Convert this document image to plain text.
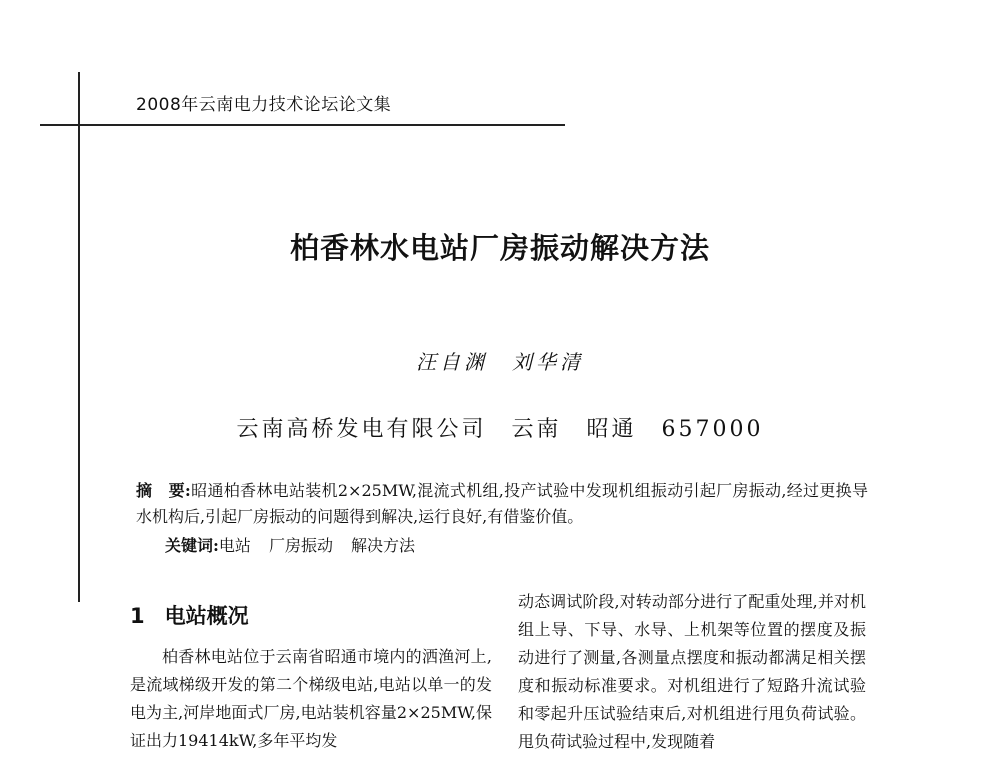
2008年云南电力技术论坛论文集
柏香林水电站厂房振动解决方法
汪自渊　刘华清
云南高桥发电有限公司　云南　昭通　657000
摘　要:昭通柏香林电站装机2×25MW,混流式机组,投产试验中发现机组振动引起厂房振动,经过更换导水机构后,引起厂房振动的问题得到解决,运行良好,有借鉴价值。
关键词:电站 厂房振动 解决方法
1 电站概况
柏香林电站位于云南省昭通市境内的洒渔河上,是流域梯级开发的第二个梯级电站,电站以单一的发电为主,河岸地面式厂房,电站装机容量2×25MW,保证出力19414kW,多年平均发
动态调试阶段,对转动部分进行了配重处理,并对机组上导、下导、水导、上机架等位置的摆度及振动进行了测量,各测量点摆度和振动都满足相关摆度和振动标准要求。对机组进行了短路升流试验和零起升压试验结束后,对机组进行甩负荷试验。甩负荷试验过程中,发现随着
